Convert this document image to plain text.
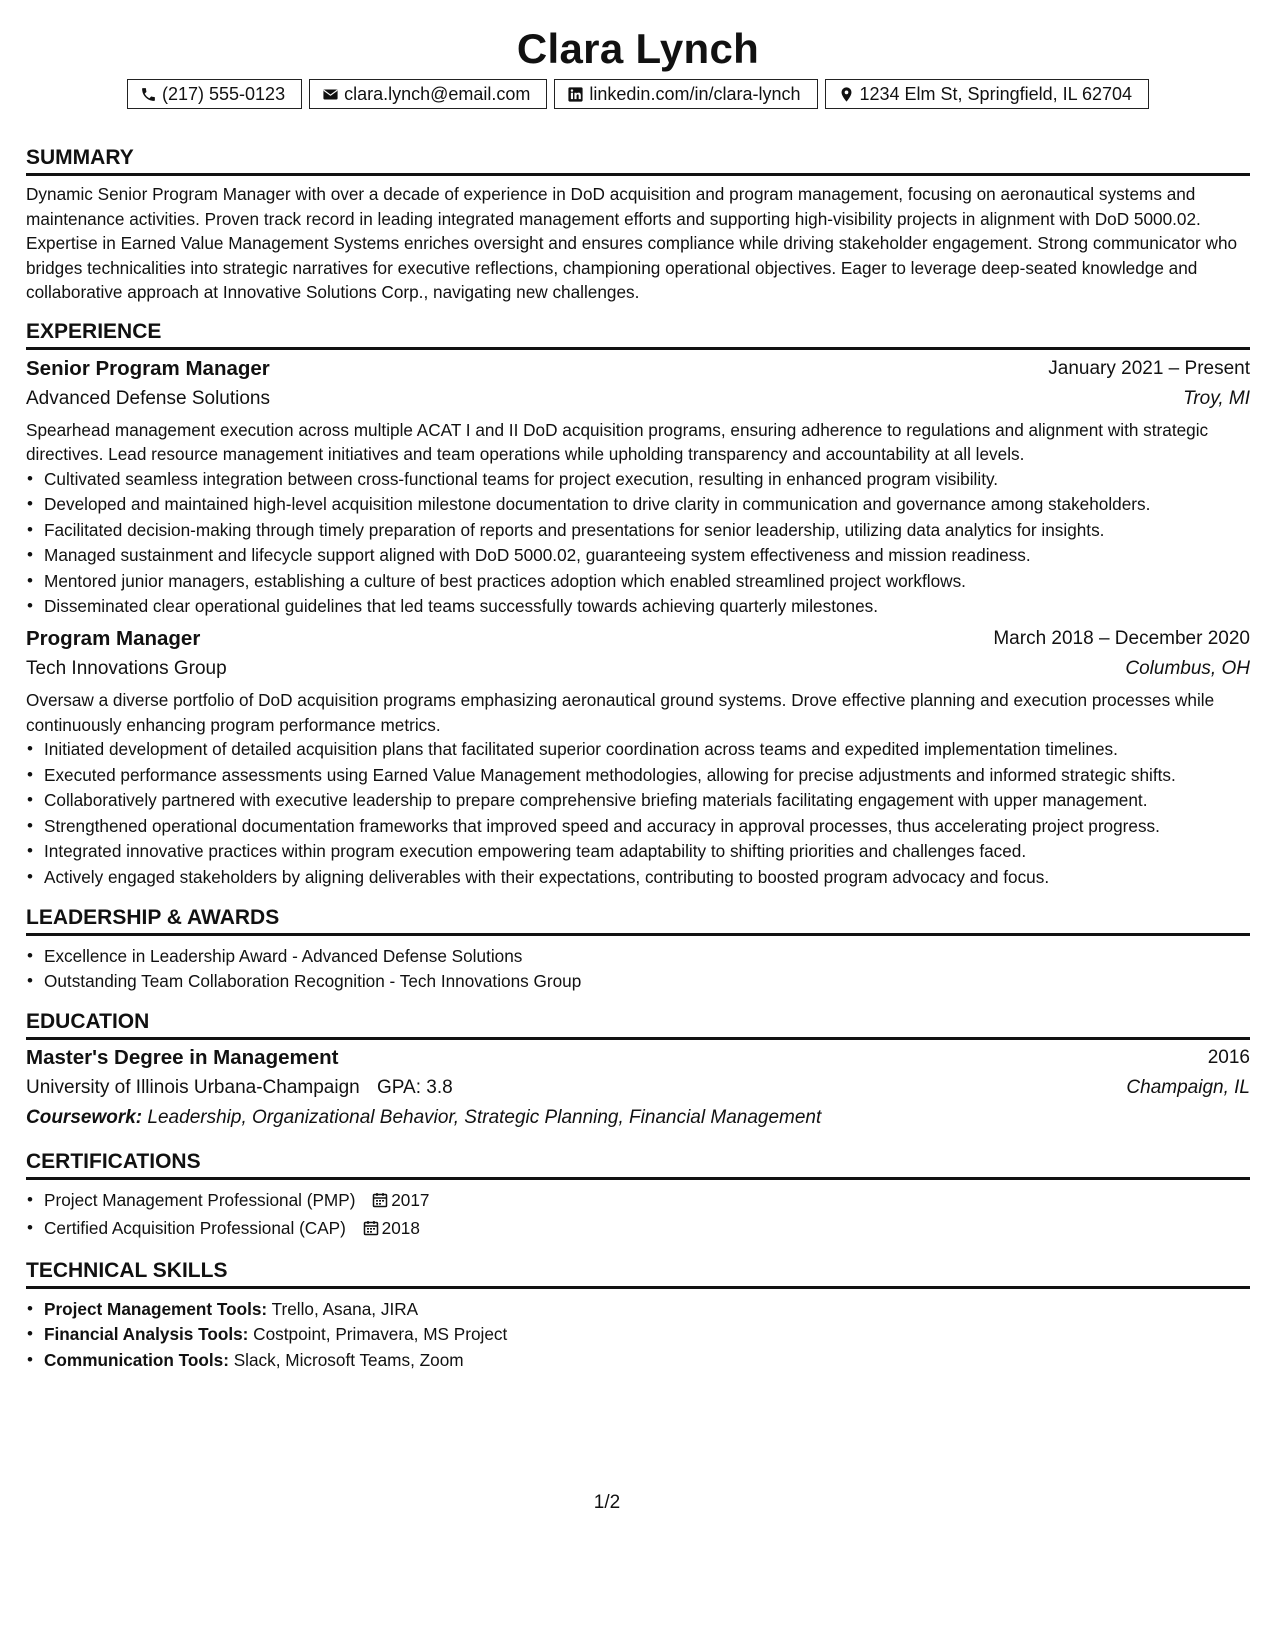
Clara Lynch
(217) 555-0123	clara.lynch@email.com	linkedin.com/in/clara-lynch	1234 Elm St, Springfield, IL 62704
SUMMARY

Dynamic Senior Program Manager with over a decade of experience in DoD acquisition and program management, focusing on aeronautical systems and maintenance activities. Proven track record in leading integrated management efforts and supporting high-visibility projects in alignment with DoD 5000.02. Expertise in Earned Value Management Systems enriches oversight and ensures compliance while driving stakeholder engagement. Strong communicator who bridges technicalities into strategic narratives for executive reflections, championing operational objectives. Eager to leverage deep-seated knowledge and collaborative approach at Innovative Solutions Corp., navigating new challenges.

EXPERIENCE
Senior Program Manager	January 2021 – Present
Advanced Defense Solutions	Troy, MI

Spearhead management execution across multiple ACAT I and II DoD acquisition programs, ensuring adherence to regulations and alignment with strategic directives. Lead resource management initiatives and team operations while upholding transparency and accountability at all levels.

• Cultivated seamless integration between cross-functional teams for project execution, resulting in enhanced program visibility.
• Developed and maintained high-level acquisition milestone documentation to drive clarity in communication and governance among stakeholders.
• Facilitated decision-making through timely preparation of reports and presentations for senior leadership, utilizing data analytics for insights.
• Managed sustainment and lifecycle support aligned with DoD 5000.02, guaranteeing system effectiveness and mission readiness.
• Mentored junior managers, establishing a culture of best practices adoption which enabled streamlined project workflows.
• Disseminated clear operational guidelines that led teams successfully towards achieving quarterly milestones.
Program Manager	March 2018 – December 2020
Tech Innovations Group	Columbus, OH

Oversaw a diverse portfolio of DoD acquisition programs emphasizing aeronautical ground systems. Drove effective planning and execution processes while continuously enhancing program performance metrics.

• Initiated development of detailed acquisition plans that facilitated superior coordination across teams and expedited implementation timelines.
• Executed performance assessments using Earned Value Management methodologies, allowing for precise adjustments and informed strategic shifts.
• Collaboratively partnered with executive leadership to prepare comprehensive briefing materials facilitating engagement with upper management.
• Strengthened operational documentation frameworks that improved speed and accuracy in approval processes, thus accelerating project progress.
• Integrated innovative practices within program execution empowering team adaptability to shifting priorities and challenges faced.
• Actively engaged stakeholders by aligning deliverables with their expectations, contributing to boosted program advocacy and focus.
LEADERSHIP & AWARDS
• Excellence in Leadership Award - Advanced Defense Solutions
• Outstanding Team Collaboration Recognition - Tech Innovations Group
EDUCATION
Master's Degree in Management	2016
University of Illinois Urbana-Champaign GPA: 3.8	Champaign, IL
Coursework: Leadership, Organizational Behavior, Strategic Planning, Financial Management
CERTIFICATIONS
• Project Management Professional (PMP) 2017
• Certified Acquisition Professional (CAP) 2018
TECHNICAL SKILLS
• Project Management Tools: Trello, Asana, JIRA
• Financial Analysis Tools: Costpoint, Primavera, MS Project
• Communication Tools: Slack, Microsoft Teams, Zoom
1/2
